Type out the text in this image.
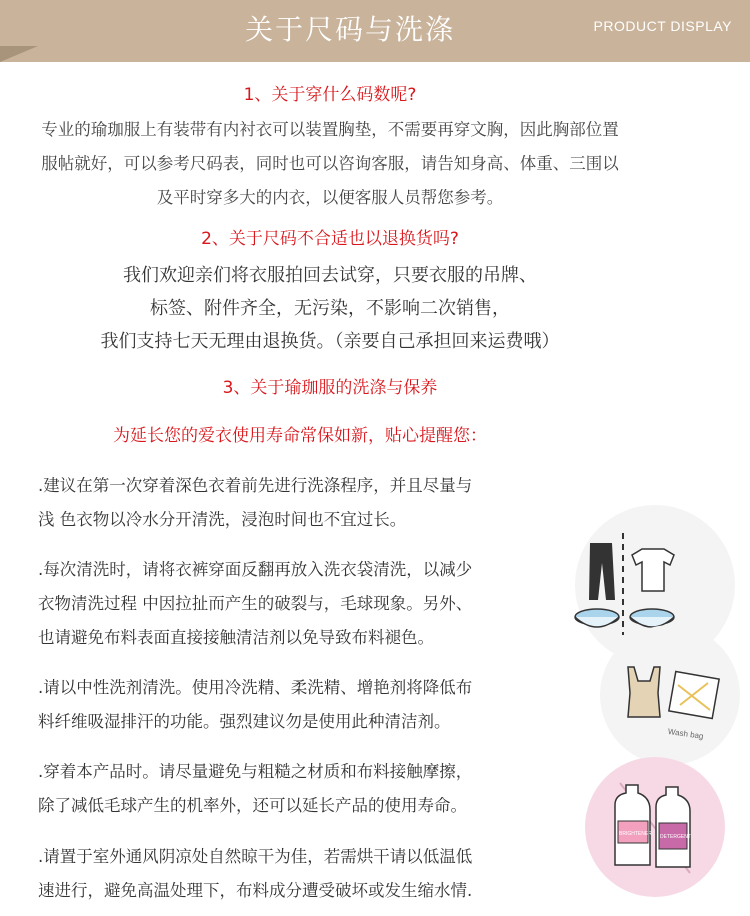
关于尺码与洗涤	PRODUCT DISPLAY
1、关于穿什么码数呢?
专业的瑜珈服上有装带有内衬衣可以装置胸垫，不需要再穿文胸，因此胸部位置
服帖就好，可以参考尺码表，同时也可以咨询客服，请告知身高、体重、三围以
及平时穿多大的内衣，以便客服人员帮您参考。
2、关于尺码不合适也以退换货吗?
我们欢迎亲们将衣服拍回去试穿，只要衣服的吊牌、
标签、附件齐全，无污染，不影响二次销售，
我们支持七天无理由退换货。（亲要自己承担回来运费哦）
3、关于瑜珈服的洗涤与保养
为延长您的爱衣使用寿命常保如新，贴心提醒您：
.建议在第一次穿着深色衣着前先进行洗涤程序，并且尽量与
浅 色衣物以冷水分开清洗，浸泡时间也不宜过长。
.每次清洗时，请将衣裤穿面反翻再放入洗衣袋清洗，以减少
衣物清洗过程 中因拉扯而产生的破裂与，毛球现象。另外、
也请避免布料表面直接接触清洁剂以免导致布料褪色。
.请以中性洗剂清洗。使用冷洗精、柔洗精、增艳剂将降低布
料纤维吸湿排汗的功能。强烈建议勿是使用此种清洁剂。
.穿着本产品时。请尽量避免与粗糙之材质和布料接触摩擦，
除了减低毛球产生的机率外，还可以延长产品的使用寿命。
.请置于室外通风阴凉处自然晾干为佳，若需烘干请以低温低
速进行，避免高温处理下，布料成分遭受破坏或发生缩水情.
Wash bag
BRIGHTENER DETERGENT
